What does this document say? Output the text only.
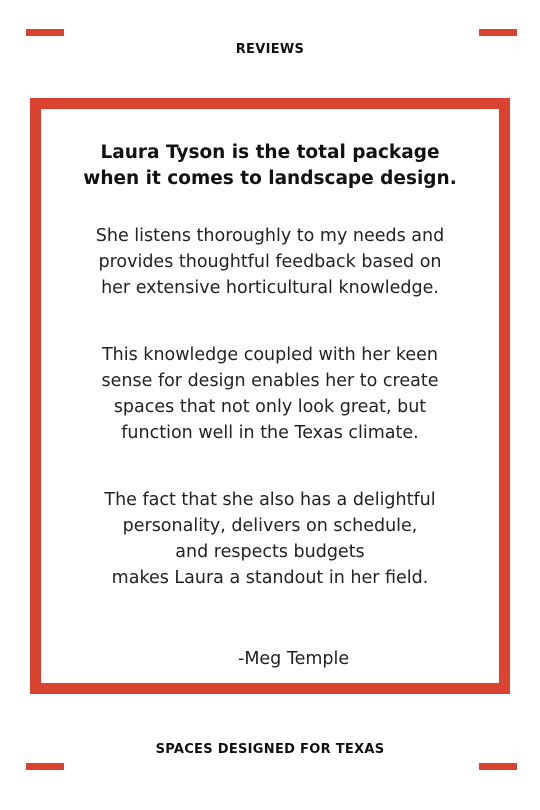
REVIEWS
Laura Tyson is the total package
when it comes to landscape design.
She listens thoroughly to my needs and
provides thoughtful feedback based on
her extensive horticultural knowledge.
This knowledge coupled with her keen
sense for design enables her to create
spaces that not only look great, but
function well in the Texas climate.
The fact that she also has a delightful
personality, delivers on schedule,
and respects budgets
makes Laura a standout in her field.
-Meg Temple
SPACES DESIGNED FOR TEXAS
